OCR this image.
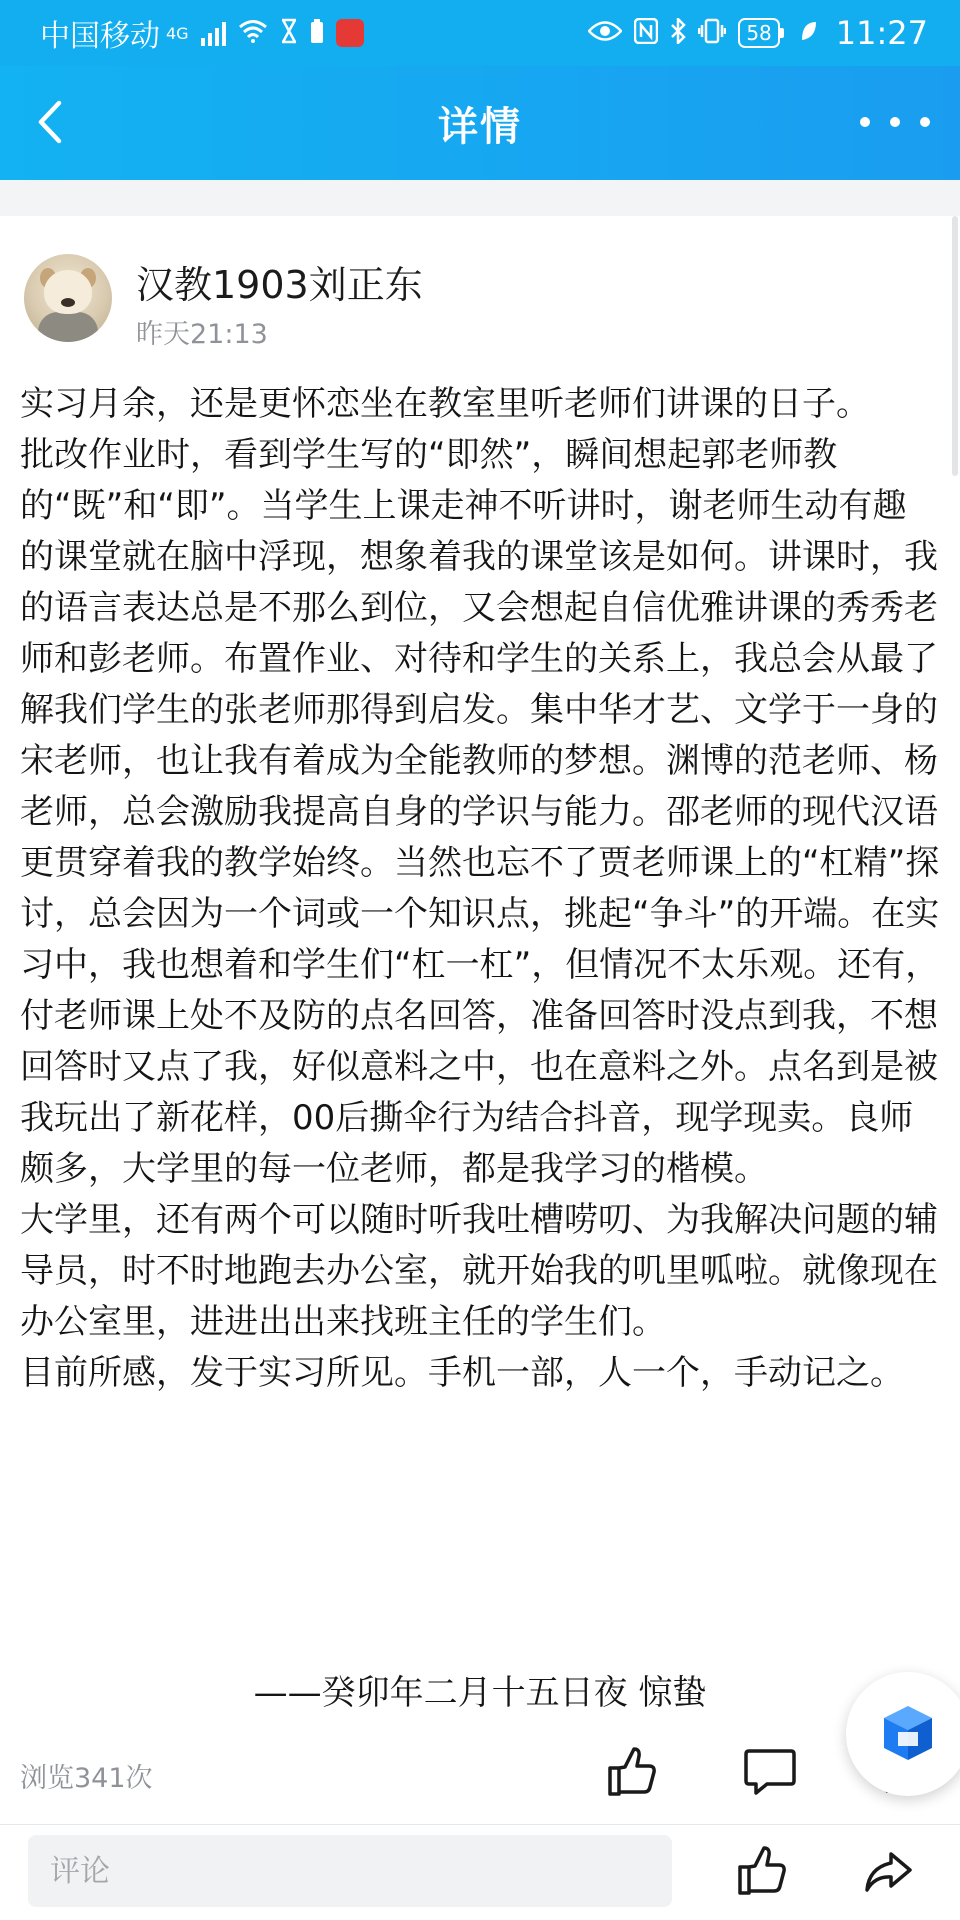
中国移动 4G	58 11:27
详情
汉教1903刘正东
昨天21:13

实习月余，还是更怀恋坐在教室里听老师们讲课的日子。

批改作业时，看到学生写的“即然”，瞬间想起郭老师教的“既”和“即”。当学生上课走神不听讲时，谢老师生动有趣的课堂就在脑中浮现，想象着我的课堂该是如何。讲课时，我的语言表达总是不那么到位，又会想起自信优雅讲课的秀秀老师和彭老师。布置作业、对待和学生的关系上，我总会从最了解我们学生的张老师那得到启发。集中华才艺、文学于一身的宋老师，也让我有着成为全能教师的梦想。渊博的范老师、杨老师，总会激励我提高自身的学识与能力。邵老师的现代汉语更贯穿着我的教学始终。当然也忘不了贾老师课上的“杠精”探讨，总会因为一个词或一个知识点，挑起“争斗”的开端。在实习中，我也想着和学生们“杠一杠”，但情况不太乐观。还有，付老师课上处不及防的点名回答，准备回答时没点到我，不想回答时又点了我，好似意料之中，也在意料之外。点名到是被我玩出了新花样，00后撕伞行为结合抖音，现学现卖。良师颇多，大学里的每一位老师，都是我学习的楷模。

大学里，还有两个可以随时听我吐槽唠叨、为我解决问题的辅导员，时不时地跑去办公室，就开始我的叽里呱啦。就像现在办公室里，进进出出来找班主任的学生们。

目前所感，发于实习所见。手机一部，人一个，手动记之。

——癸卯年二月十五日夜 惊蛰
浏览341次
评论
